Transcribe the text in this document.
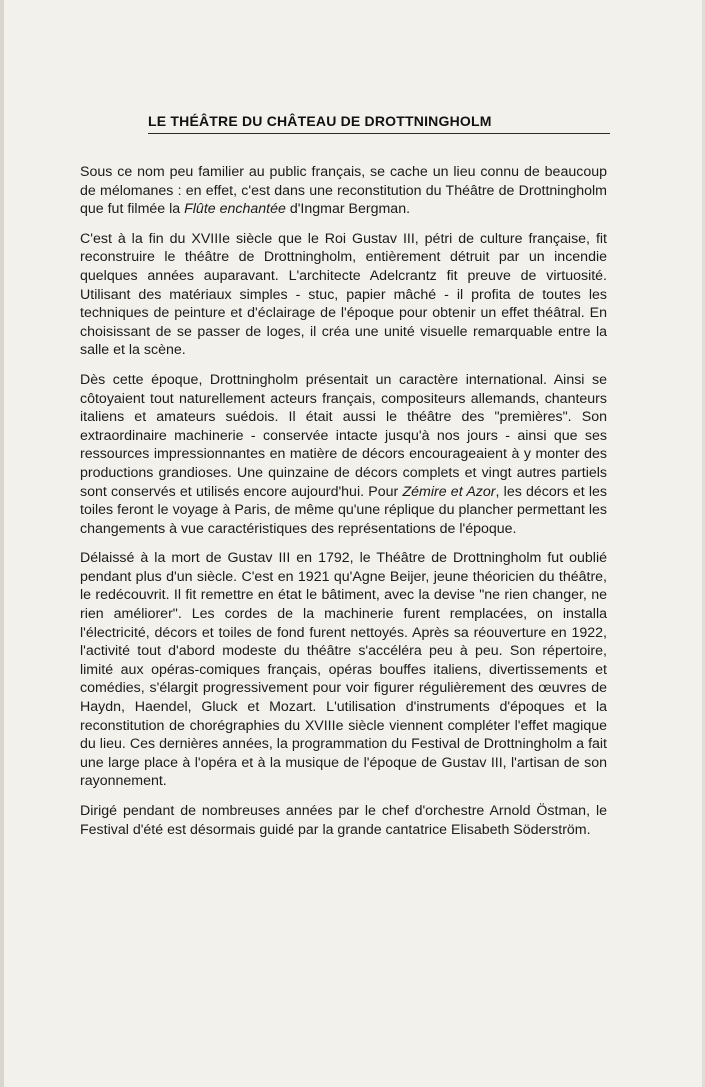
LE THÉÂTRE DU CHÂTEAU DE DROTTNINGHOLM

Sous ce nom peu familier au public français, se cache un lieu connu de beaucoup de mélomanes : en effet, c'est dans une reconstitution du Théâtre de Drottningholm que fut filmée la Flûte enchantée d'Ingmar Bergman.

C'est à la fin du XVIIIe siècle que le Roi Gustav III, pétri de culture française, fit reconstruire le théâtre de Drottningholm, entièrement détruit par un incendie quelques années auparavant. L'architecte Adelcrantz fit preuve de virtuosité. Utilisant des matériaux simples - stuc, papier mâché - il profita de toutes les techniques de peinture et d'éclairage de l'époque pour obtenir un effet théâtral. En choisissant de se passer de loges, il créa une unité visuelle remarquable entre la salle et la scène.

Dès cette époque, Drottningholm présentait un caractère international. Ainsi se côtoyaient tout naturellement acteurs français, compositeurs allemands, chanteurs italiens et amateurs suédois. Il était aussi le théâtre des "premières". Son extraordinaire machinerie - conservée intacte jusqu'à nos jours - ainsi que ses ressources impressionnantes en matière de décors encourageaient à y monter des productions grandioses. Une quinzaine de décors complets et vingt autres partiels sont conservés et utilisés encore aujourd'hui. Pour Zémire et Azor, les décors et les toiles feront le voyage à Paris, de même qu'une réplique du plancher permettant les changements à vue caractéristiques des représentations de l'époque.

Délaissé à la mort de Gustav III en 1792, le Théâtre de Drottningholm fut oublié pendant plus d'un siècle. C'est en 1921 qu'Agne Beijer, jeune théoricien du théâtre, le redécouvrit. Il fit remettre en état le bâtiment, avec la devise "ne rien changer, ne rien améliorer". Les cordes de la machinerie furent remplacées, on installa l'électricité, décors et toiles de fond furent nettoyés. Après sa réouverture en 1922, l'activité tout d'abord modeste du théâtre s'accéléra peu à peu. Son répertoire, limité aux opéras-comiques français, opéras bouffes italiens, divertissements et comédies, s'élargit progressivement pour voir figurer régulièrement des œuvres de Haydn, Haendel, Gluck et Mozart. L'utilisation d'instruments d'époques et la reconstitution de chorégraphies du XVIIIe siècle viennent compléter l'effet magique du lieu. Ces dernières années, la programmation du Festival de Drottningholm a fait une large place à l'opéra et à la musique de l'époque de Gustav III, l'artisan de son rayonnement.

Dirigé pendant de nombreuses années par le chef d'orchestre Arnold Östman, le Festival d'été est désormais guidé par la grande cantatrice Elisabeth Söderström.
